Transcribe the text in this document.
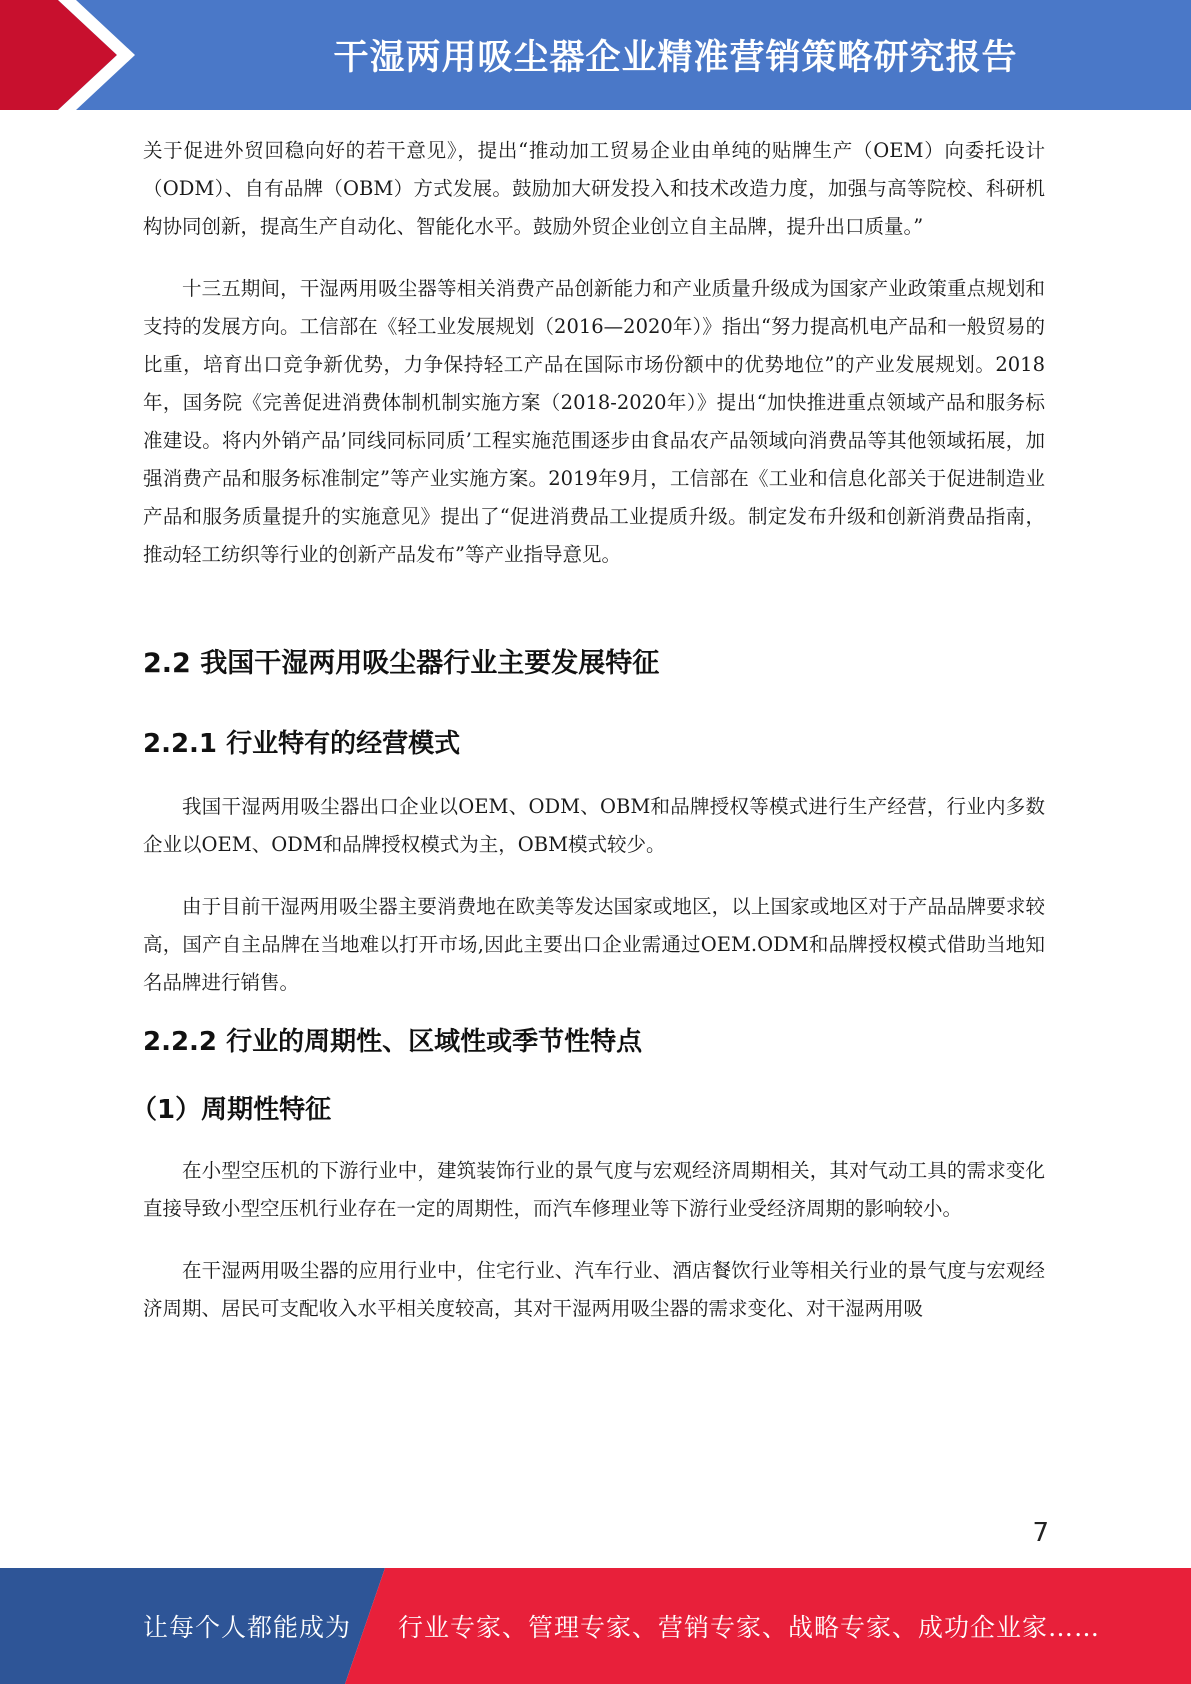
干湿两用吸尘器企业精准营销策略研究报告

关于促进外贸回稳向好的若干意见》，提出“推动加工贸易企业由单纯的贴牌生产（OEM）向委托设计（ODM）、自有品牌（OBM）方式发展。鼓励加大研发投入和技术改造力度，加强与高等院校、科研机构协同创新，提高生产自动化、智能化水平。鼓励外贸企业创立自主品牌，提升出口质量。”

十三五期间，干湿两用吸尘器等相关消费产品创新能力和产业质量升级成为国家产业政策重点规划和支持的发展方向。工信部在《轻工业发展规划（2016—2020年）》指出“努力提高机电产品和一般贸易的比重，培育出口竞争新优势，力争保持轻工产品在国际市场份额中的优势地位”的产业发展规划。2018年，国务院《完善促进消费体制机制实施方案（2018-2020年）》提出“加快推进重点领域产品和服务标准建设。将内外销产品’同线同标同质’工程实施范围逐步由食品农产品领域向消费品等其他领域拓展，加强消费产品和服务标准制定”等产业实施方案。2019年9月，工信部在《工业和信息化部关于促进制造业产品和服务质量提升的实施意见》提出了“促进消费品工业提质升级。制定发布升级和创新消费品指南，推动轻工纺织等行业的创新产品发布”等产业指导意见。

2.2 我国干湿两用吸尘器行业主要发展特征
2.2.1 行业特有的经营模式

我国干湿两用吸尘器出口企业以OEM、ODM、OBM和品牌授权等模式进行生产经营，行业内多数企业以OEM、ODM和品牌授权模式为主，OBM模式较少。

由于目前干湿两用吸尘器主要消费地在欧美等发达国家或地区，以上国家或地区对于产品品牌要求较高，国产自主品牌在当地难以打开市场,因此主要出口企业需通过OEM.ODM和品牌授权模式借助当地知名品牌进行销售。

2.2.2 行业的周期性、区域性或季节性特点
（1）周期性特征

在小型空压机的下游行业中，建筑装饰行业的景气度与宏观经济周期相关，其对气动工具的需求变化直接导致小型空压机行业存在一定的周期性，而汽车修理业等下游行业受经济周期的影响较小。

在干湿两用吸尘器的应用行业中，住宅行业、汽车行业、酒店餐饮行业等相关行业的景气度与宏观经济周期、居民可支配收入水平相关度较高，其对干湿两用吸尘器的需求变化、对干湿两用吸

7
让每个人都能成为 行业专家、管理专家、营销专家、战略专家、成功企业家……
